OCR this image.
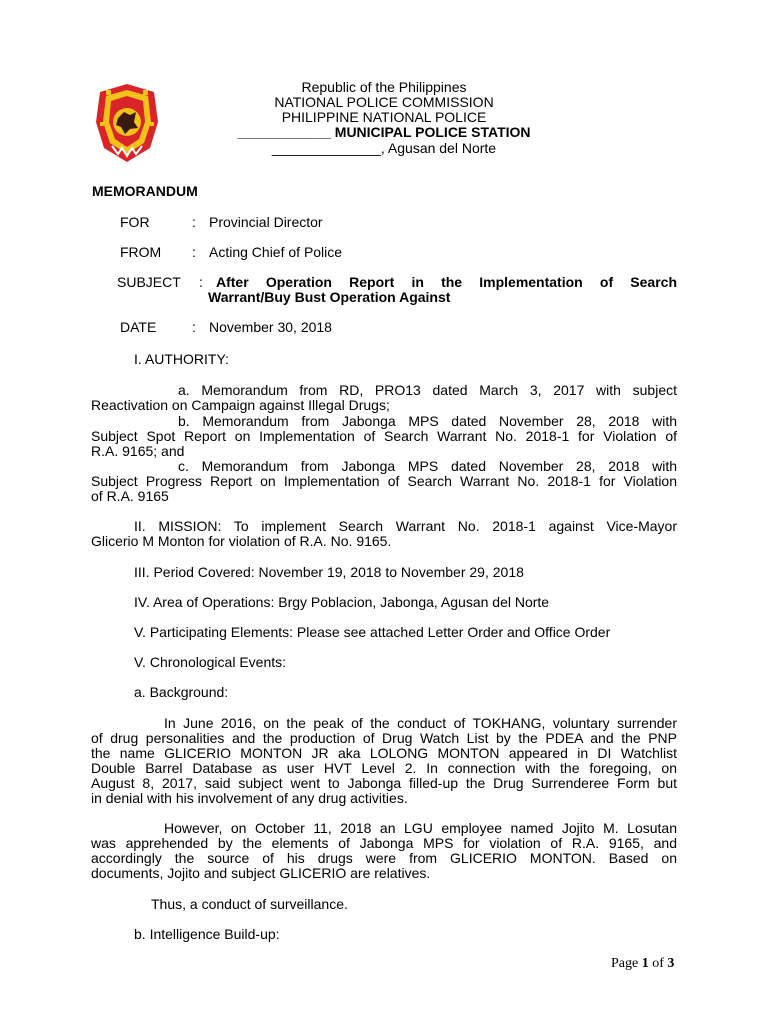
Republic of the Philippines
NATIONAL POLICE COMMISSION
PHILIPPINE NATIONAL POLICE
____________ MUNICIPAL POLICE STATION
______________, Agusan del Norte
MEMORANDUM
FOR	: Provincial Director
FROM : Acting Chief of Police
SUBJECT : After Operation Report in the Implementation of Search
Warrant/Buy Bust Operation Against
DATE	: November 30, 2018
I. AUTHORITY:
a. Memorandum from RD, PRO13 dated March 3, 2017 with subject
Reactivation on Campaign against Illegal Drugs;
b. Memorandum from Jabonga MPS dated November 28, 2018 with
Subject Spot Report on Implementation of Search Warrant No. 2018-1 for Violation of
R.A. 9165; and
c. Memorandum from Jabonga MPS dated November 28, 2018 with
Subject Progress Report on Implementation of Search Warrant No. 2018-1 for Violation
of R.A. 9165
II. MISSION: To implement Search Warrant No. 2018-1 against Vice-Mayor
Glicerio M Monton for violation of R.A. No. 9165.
III. Period Covered: November 19, 2018 to November 29, 2018
IV. Area of Operations: Brgy Poblacion, Jabonga, Agusan del Norte
V. Participating Elements: Please see attached Letter Order and Office Order
V. Chronological Events:
a. Background:
In June 2016, on the peak of the conduct of TOKHANG, voluntary surrender
of drug personalities and the production of Drug Watch List by the PDEA and the PNP
the name GLICERIO MONTON JR aka LOLONG MONTON appeared in DI Watchlist
Double Barrel Database as user HVT Level 2. In connection with the foregoing, on
August 8, 2017, said subject went to Jabonga filled-up the Drug Surrenderee Form but
in denial with his involvement of any drug activities.
However, on October 11, 2018 an LGU employee named Jojito M. Losutan
was apprehended by the elements of Jabonga MPS for violation of R.A. 9165, and
accordingly the source of his drugs were from GLICERIO MONTON. Based on
documents, Jojito and subject GLICERIO are relatives.
Thus, a conduct of surveillance.
b. Intelligence Build-up:
Page 1 of 3
